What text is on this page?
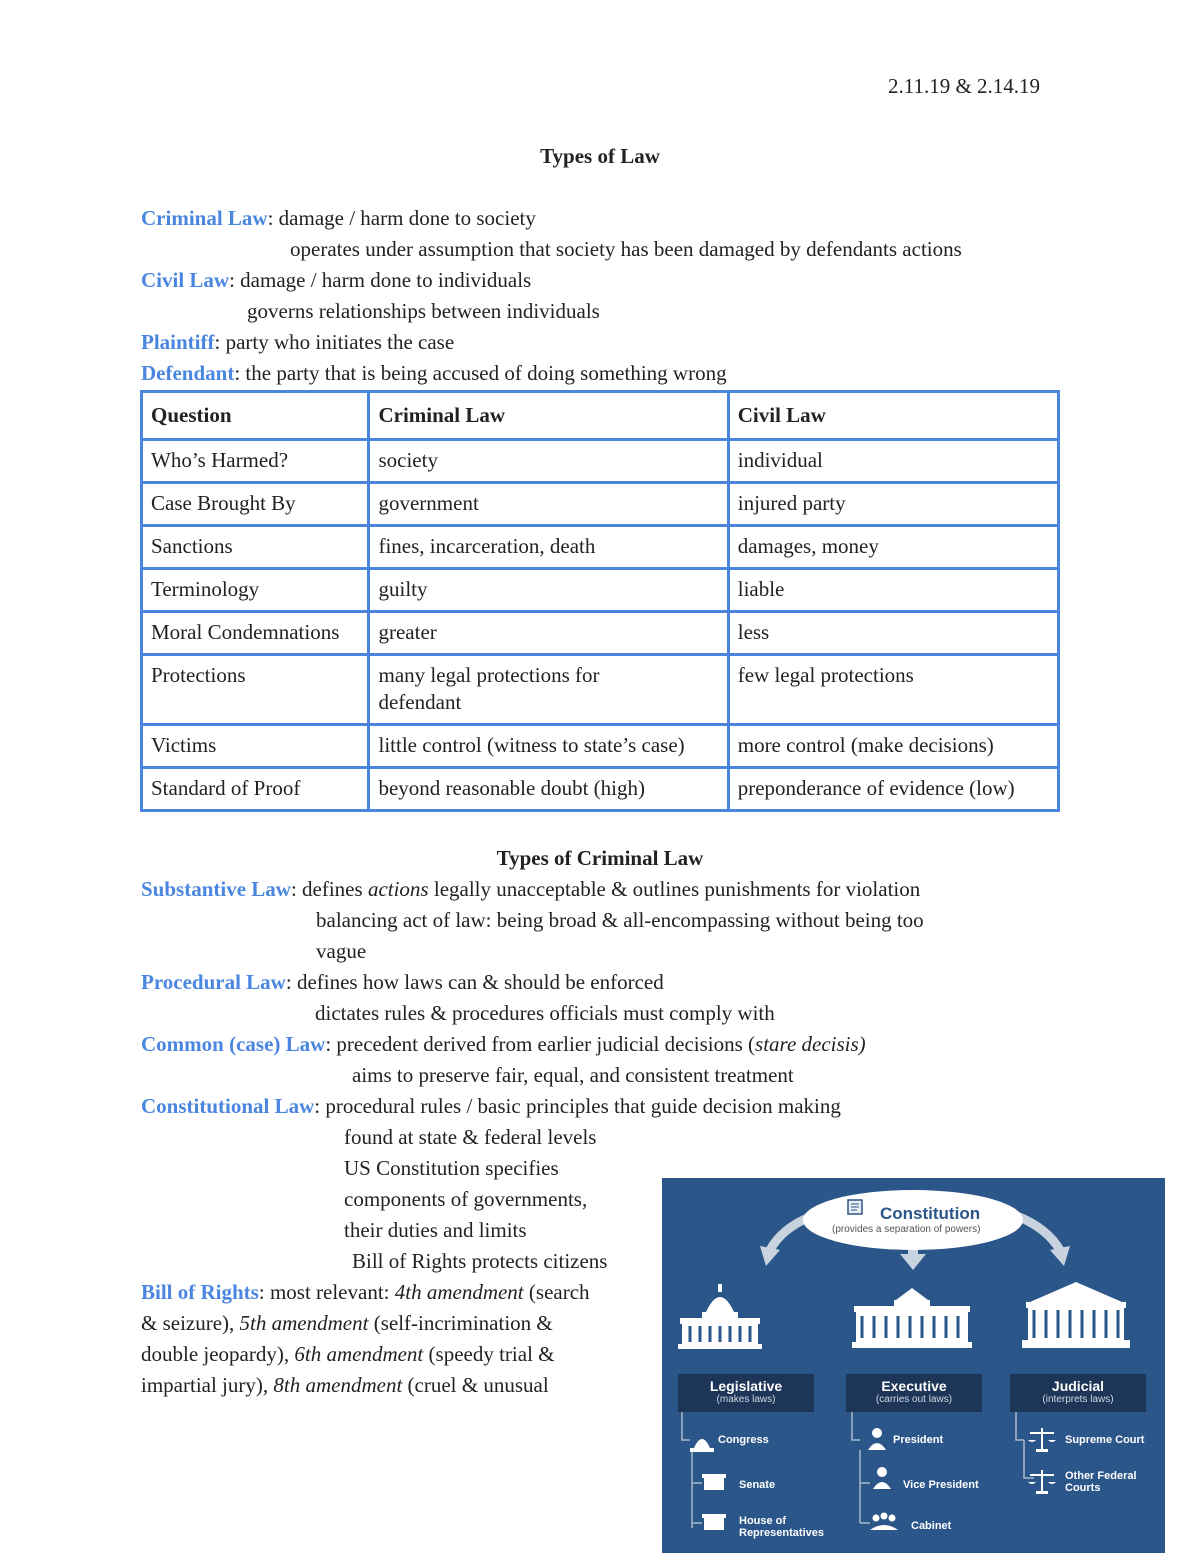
2.11.19 & 2.14.19
Types of Law
Criminal Law: damage / harm done to society
operates under assumption that society has been damaged by defendants actions
Civil Law: damage / harm done to individuals
governs relationships between individuals
Plaintiff: party who initiates the case
Defendant: the party that is being accused of doing something wrong
Question	Criminal Law	Civil Law
Who’s Harmed?	society	individual
Case Brought By	government	injured party
Sanctions	fines, incarceration, death	damages, money
Terminology	guilty	liable
Moral Condemnations	greater	less
Protections	many legal protections for defendant	few legal protections
Victims	little control (witness to state’s case)	more control (make decisions)
Standard of Proof	beyond reasonable doubt (high)	preponderance of evidence (low)
Types of Criminal Law
Substantive Law: defines actions legally unacceptable & outlines punishments for violation
balancing act of law: being broad & all-encompassing without being too
vague
Procedural Law: defines how laws can & should be enforced
dictates rules & procedures officials must comply with
Common (case) Law: precedent derived from earlier judicial decisions (stare decisis)
aims to preserve fair, equal, and consistent treatment
Constitutional Law: procedural rules / basic principles that guide decision making
found at state & federal levels
US Constitution specifies
components of governments,
their duties and limits
Bill of Rights protects citizens
Bill of Rights: most relevant: 4th amendment (search
& seizure), 5th amendment (self-incrimination &
double jeopardy), 6th amendment (speedy trial &
impartial jury), 8th amendment (cruel & unusual
Constitution
(provides a separation of powers)
Legislative
(makes laws)
Executive
(carries out laws)
Judicial
(interprets laws)
Congress
Senate
House of Representatives
President
Vice President
Cabinet
Supreme Court
Other Federal Courts
